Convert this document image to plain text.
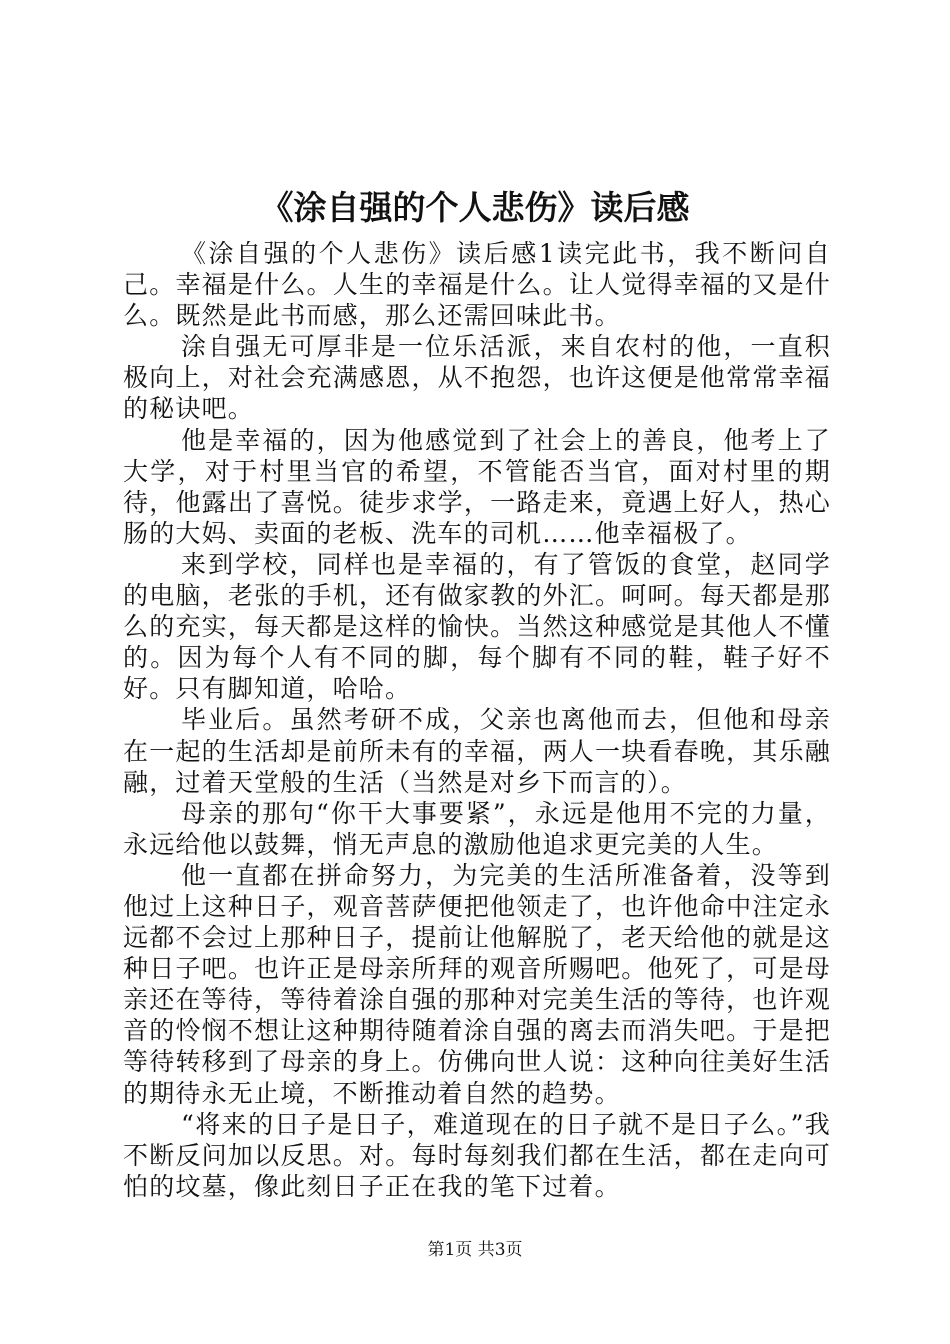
《涂自强的个人悲伤》读后感

《涂自强的个人悲伤》读后感1读完此书，我不断问自己。幸福是什么。人生的幸福是什么。让人觉得幸福的又是什么。既然是此书而感，那么还需回味此书。

涂自强无可厚非是一位乐活派，来自农村的他，一直积极向上，对社会充满感恩，从不抱怨，也许这便是他常常幸福的秘诀吧。

他是幸福的，因为他感觉到了社会上的善良，他考上了大学，对于村里当官的希望，不管能否当官，面对村里的期待，他露出了喜悦。徒步求学，一路走来，竟遇上好人，热心肠的大妈、卖面的老板、洗车的司机……他幸福极了。

来到学校，同样也是幸福的，有了管饭的食堂，赵同学的电脑，老张的手机，还有做家教的外汇。呵呵。每天都是那么的充实，每天都是这样的愉快。当然这种感觉是其他人不懂的。因为每个人有不同的脚，每个脚有不同的鞋，鞋子好不好。只有脚知道，哈哈。

毕业后。虽然考研不成，父亲也离他而去，但他和母亲在一起的生活却是前所未有的幸福，两人一块看春晚，其乐融融，过着天堂般的生活（当然是对乡下而言的）。

母亲的那句“你干大事要紧”，永远是他用不完的力量，永远给他以鼓舞，悄无声息的激励他追求更完美的人生。

他一直都在拼命努力，为完美的生活所准备着，没等到他过上这种日子，观音菩萨便把他领走了，也许他命中注定永远都不会过上那种日子，提前让他解脱了，老天给他的就是这种日子吧。也许正是母亲所拜的观音所赐吧。他死了，可是母亲还在等待，等待着涂自强的那种对完美生活的等待，也许观音的怜悯不想让这种期待随着涂自强的离去而消失吧。于是把等待转移到了母亲的身上。仿佛向世人说：这种向往美好生活的期待永无止境，不断推动着自然的趋势。

“将来的日子是日子，难道现在的日子就不是日子么。”我不断反问加以反思。对。每时每刻我们都在生活，都在走向可怕的坟墓，像此刻日子正在我的笔下过着。

第1页 共3页
